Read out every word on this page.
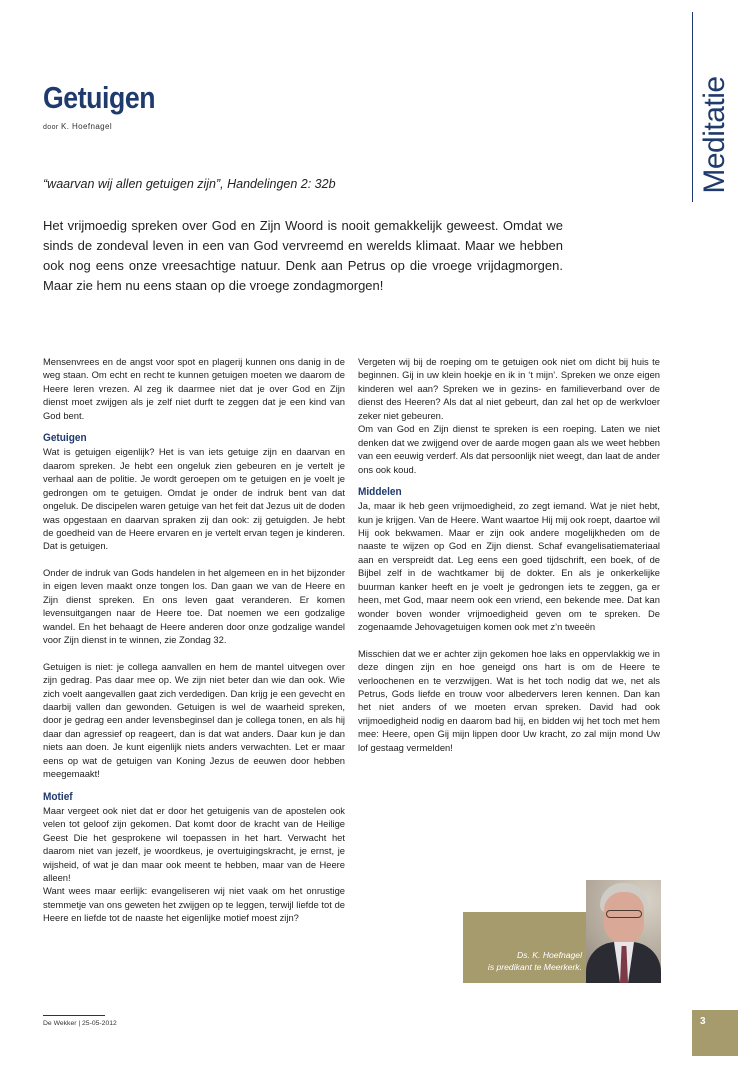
Getuigen
door K. Hoefnagel	Meditatie
“waarvan wij allen getuigen zijn”, Handelingen 2: 32b
Het vrijmoedig spreken over God en Zijn Woord is nooit gemakkelijk geweest. Omdat we sinds de zondeval leven in een van God vervreemd en werelds klimaat. Maar we hebben ook nog eens onze vreesachtige natuur. Denk aan Petrus op die vroege vrijdagmorgen. Maar zie hem nu eens staan op die vroege zondagmorgen!

Mensenvrees en de angst voor spot en plagerij kunnen ons danig in de weg staan. Om echt en recht te kunnen getuigen moeten we daarom de Heere leren vrezen. Al zeg ik daarmee niet dat je over God en Zijn dienst moet zwijgen als je zelf niet durft te zeggen dat je een kind van God bent.

Getuigen

Wat is getuigen eigenlijk? Het is van iets getuige zijn en daarvan en daarom spreken. Je hebt een ongeluk zien gebeuren en je vertelt je verhaal aan de politie. Je wordt geroepen om te getuigen en je voelt je gedrongen om te getuigen. Omdat je onder de indruk bent van dat ongeluk. De discipelen waren getuige van het feit dat Jezus uit de doden was opgestaan en daarvan spraken zij dan ook: zij getuigden. Je hebt de goedheid van de Heere ervaren en je vertelt ervan tegen je kinderen. Dat is getuigen.

Onder de indruk van Gods handelen in het algemeen en in het bijzonder in eigen leven maakt onze tongen los. Dan gaan we van de Heere en Zijn dienst spreken. En ons leven gaat veranderen. Er komen levensuitgangen naar de Heere toe. Dat noemen we een godzalige wandel. En het behaagt de Heere anderen door onze godzalige wandel voor Zijn dienst in te winnen, zie Zondag 32.

Getuigen is niet: je collega aanvallen en hem de mantel uitvegen over zijn gedrag. Pas daar mee op. We zijn niet beter dan wie dan ook. Wie zich voelt aangevallen gaat zich verdedigen. Dan krijg je een gevecht en daarbij vallen dan gewonden. Getuigen is wel de waarheid spreken, door je gedrag een ander levensbeginsel dan je collega tonen, en als hij daar dan agressief op reageert, dan is dat wat anders. Daar kun je dan niets aan doen. Je kunt eigenlijk niets anders verwachten. Let er maar eens op wat de getuigen van Koning Jezus de eeuwen door hebben meegemaakt!

Motief

Maar vergeet ook niet dat er door het getuigenis van de apostelen ook velen tot geloof zijn gekomen. Dat komt door de kracht van de Heilige Geest Die het gesprokene wil toepassen in het hart. Verwacht het daarom niet van jezelf, je woordkeus, je overtuigingskracht, je ernst, je wijsheid, of wat je dan maar ook meent te hebben, maar van de Heere alleen!

Want wees maar eerlijk: evangeliseren wij niet vaak om het onrustige stemmetje van ons geweten het zwijgen op te leggen, terwijl liefde tot de Heere en liefde tot de naaste het eigenlijke motief moest zijn?

Vergeten wij bij de roeping om te getuigen ook niet om dicht bij huis te beginnen. Gij in uw klein hoekje en ik in ‘t mijn’. Spreken we onze eigen kinderen wel aan? Spreken we in gezins- en familieverband over de dienst des Heeren? Als dat al niet gebeurt, dan zal het op de werkvloer zeker niet gebeuren.

Om van God en Zijn dienst te spreken is een roeping. Laten we niet denken dat we zwijgend over de aarde mogen gaan als we weet hebben van een eeuwig verderf. Als dat persoonlijk niet weegt, dan laat de ander ons ook koud.

Middelen

Ja, maar ik heb geen vrijmoedigheid, zo zegt iemand. Wat je niet hebt, kun je krijgen. Van de Heere. Want waartoe Hij mij ook roept, daartoe wil Hij ook bekwamen. Maar er zijn ook andere mogelijkheden om de naaste te wijzen op God en Zijn dienst. Schaf evangelisatiemateriaal aan en verspreidt dat. Leg eens een goed tijdschrift, een boek, of de Bijbel zelf in de wachtkamer bij de dokter. En als je onkerkelijke buurman kanker heeft en je voelt je gedrongen iets te zeggen, ga er heen, met God, maar neem ook een vriend, een bekende mee. Dat kan wonder boven wonder vrijmoedigheid geven om te spreken. De zogenaamde Jehovagetuigen komen ook met z’n tweeën

Misschien dat we er achter zijn gekomen hoe laks en oppervlakkig we in deze dingen zijn en hoe geneigd ons hart is om de Heere te verloochenen en te verzwijgen. Wat is het toch nodig dat we, net als Petrus, Gods liefde en trouw voor albedervers leren kennen. Dan kan het niet anders of we moeten ervan spreken. David had ook vrijmoedigheid nodig en daarom bad hij, en bidden wij het toch met hem mee: Heere, open Gij mijn lippen door Uw kracht, zo zal mijn mond Uw lof gestaag vermelden!

Ds. K. Hoefnagel
is predikant te Meerkerk.
De Wekker | 25-05-2012	3
